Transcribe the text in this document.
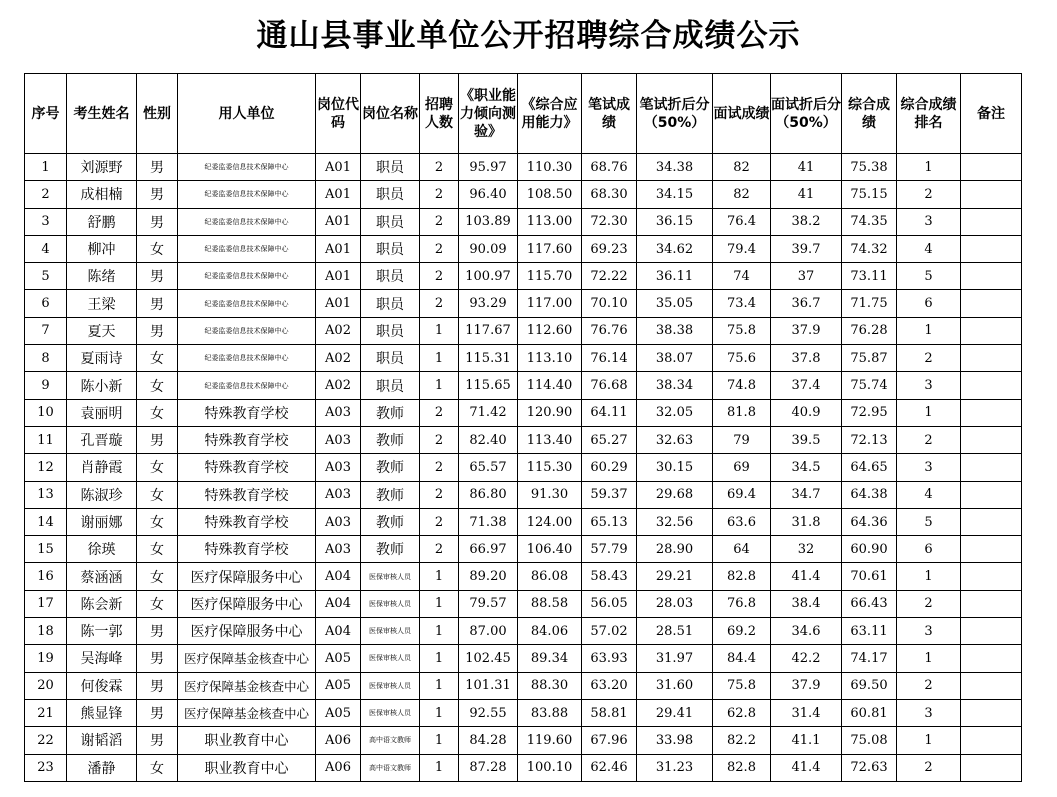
通山县事业单位公开招聘综合成绩公示
序号	考生姓名	性别	用人单位	岗位代码	岗位名称	招聘人数	《职业能力倾向测验》	《综合应用能力》	笔试成绩	笔试折后分（50%）	面试成绩	面试折后分（50%）	综合成绩	综合成绩排名	备注
1	刘源野	男	纪委监委信息技术保障中心	A01	职员	2	95.97	110.30	68.76	34.38	82	41	75.38	1	
2	成相楠	男	纪委监委信息技术保障中心	A01	职员	2	96.40	108.50	68.30	34.15	82	41	75.15	2	
3	舒鹏	男	纪委监委信息技术保障中心	A01	职员	2	103.89	113.00	72.30	36.15	76.4	38.2	74.35	3	
4	柳冲	女	纪委监委信息技术保障中心	A01	职员	2	90.09	117.60	69.23	34.62	79.4	39.7	74.32	4	
5	陈绪	男	纪委监委信息技术保障中心	A01	职员	2	100.97	115.70	72.22	36.11	74	37	73.11	5	
6	王梁	男	纪委监委信息技术保障中心	A01	职员	2	93.29	117.00	70.10	35.05	73.4	36.7	71.75	6	
7	夏天	男	纪委监委信息技术保障中心	A02	职员	1	117.67	112.60	76.76	38.38	75.8	37.9	76.28	1	
8	夏雨诗	女	纪委监委信息技术保障中心	A02	职员	1	115.31	113.10	76.14	38.07	75.6	37.8	75.87	2	
9	陈小新	女	纪委监委信息技术保障中心	A02	职员	1	115.65	114.40	76.68	38.34	74.8	37.4	75.74	3	
10	袁丽明	女	特殊教育学校	A03	教师	2	71.42	120.90	64.11	32.05	81.8	40.9	72.95	1	
11	孔晋璇	男	特殊教育学校	A03	教师	2	82.40	113.40	65.27	32.63	79	39.5	72.13	2	
12	肖静霞	女	特殊教育学校	A03	教师	2	65.57	115.30	60.29	30.15	69	34.5	64.65	3	
13	陈淑珍	女	特殊教育学校	A03	教师	2	86.80	91.30	59.37	29.68	69.4	34.7	64.38	4	
14	谢丽娜	女	特殊教育学校	A03	教师	2	71.38	124.00	65.13	32.56	63.6	31.8	64.36	5	
15	徐瑛	女	特殊教育学校	A03	教师	2	66.97	106.40	57.79	28.90	64	32	60.90	6	
16	蔡涵涵	女	医疗保障服务中心	A04	医保审核人员	1	89.20	86.08	58.43	29.21	82.8	41.4	70.61	1	
17	陈会新	女	医疗保障服务中心	A04	医保审核人员	1	79.57	88.58	56.05	28.03	76.8	38.4	66.43	2	
18	陈一郭	男	医疗保障服务中心	A04	医保审核人员	1	87.00	84.06	57.02	28.51	69.2	34.6	63.11	3	
19	吴海峰	男	医疗保障基金核查中心	A05	医保审核人员	1	102.45	89.34	63.93	31.97	84.4	42.2	74.17	1	
20	何俊霖	男	医疗保障基金核查中心	A05	医保审核人员	1	101.31	88.30	63.20	31.60	75.8	37.9	69.50	2	
21	熊显锋	男	医疗保障基金核查中心	A05	医保审核人员	1	92.55	83.88	58.81	29.41	62.8	31.4	60.81	3	
22	谢韬滔	男	职业教育中心	A06	高中语文教师	1	84.28	119.60	67.96	33.98	82.2	41.1	75.08	1	
23	潘静	女	职业教育中心	A06	高中语文教师	1	87.28	100.10	62.46	31.23	82.8	41.4	72.63	2	
